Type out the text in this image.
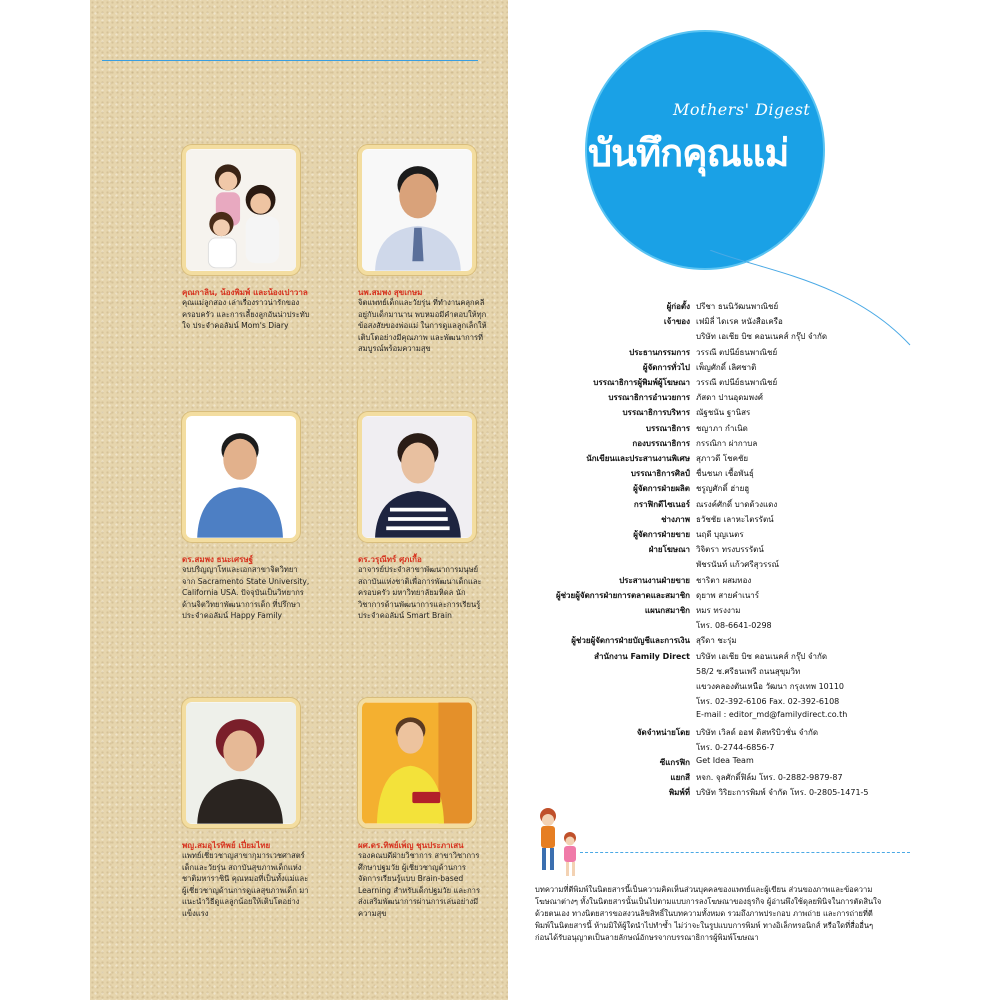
คุณกาลิน, น้องพิมพ์ และน้องเปาวาล
คุณแม่ลูกสอง เล่าเรื่องราวน่ารักของครอบครัว และการเลี้ยงลูกอันน่าประทับใจ ประจำคอลัมน์ Mom's Diary
นพ.สมพง สุขเกษม
จิตแพทย์เด็กและวัยรุ่น ที่ทำงานคลุกคลีอยู่กับเด็กมานาน พบหมอมีคำตอบให้ทุกข้อสงสัยของพ่อแม่ ในการดูแลลูกเล็กให้เติบโตอย่างมีคุณภาพ และพัฒนาการที่สมบูรณ์พร้อมความสุข
ดร.สมพง ธนะเศรษฐ์
จบปริญญาโทและเอกสาขาจิตวิทยา จาก Sacramento State University, California USA. ปัจจุบันเป็นวิทยากรด้านจิตวิทยาพัฒนาการเด็ก ที่ปรึกษาประจำคอลัมน์ Happy Family
ดร.วรุณีทร์ ศุภเกื้อ
อาจารย์ประจำสาขาพัฒนาการมนุษย์ สถาบันแห่งชาติเพื่อการพัฒนาเด็กและครอบครัว มหาวิทยาลัยมหิดล นักวิชาการด้านพัฒนาการและการเรียนรู้ ประจำคอลัมน์ Smart Brain
พญ.สมอุไรทิพย์ เปี่ยมไทย
แพทย์เชี่ยวชาญสาขากุมารเวชศาสตร์เด็กและวัยรุ่น สถาบันสุขภาพเด็กแห่งชาติมหาราชินี คุณหมอที่เป็นทั้งแม่และผู้เชี่ยวชาญด้านการดูแลสุขภาพเด็ก มาแนะนำวิธีดูแลลูกน้อยให้เติบโตอย่างแข็งแรง
ผศ.ดร.ทิพย์เพ็ญ ชุนประภาเสน
รองคณบดีฝ่ายวิชาการ สาขาวิชาการศึกษาปฐมวัย ผู้เชี่ยวชาญด้านการจัดการเรียนรู้แบบ Brain-based Learning สำหรับเด็กปฐมวัย และการส่งเสริมพัฒนาการผ่านการเล่นอย่างมีความสุข
Mothers' Digest
บันทึกคุณแม่
ผู้ก่อตั้ง ปรีชา ธนนิวัฒนพาณิชย์
เจ้าของ เฟมิลี่ ไดเรค หนังสือเครือ
บริษัท เอเชีย บิซ คอนเนคส์ กรุ๊ป จำกัด
ประธานกรรมการ วรรณี ตปนีย์ธนพาณิชย์
ผู้จัดการทั่วไป เพ็ญศักดิ์ เลิศชาติ
บรรณาธิการผู้พิมพ์ผู้โฆษณา วรรณี ตปนีย์ธนพาณิชย์
บรรณาธิการอำนวยการ ภัสดา ปานอุดมพงศ์
บรรณาธิการบริหาร ณัฐชนัน ฐานิสร
บรรณาธิการ ชญาภา กำเนิด
กองบรรณาธิการ กรรณิกา ผ่ากาบล
นักเขียนและประสานงานพิเศษ สุภาวดี โชคชัย
บรรณาธิการศิลป์ ชื่นชนก เชื้อพันธุ์
ผู้จัดการฝ่ายผลิต ชรูญศักดิ์ ฮ่ายฮู
กราฟิกดีไซเนอร์ ณรงค์ศักดิ์ บาดด้วงแดง
ช่างภาพ ธวัชชัย เลาหะไตรรัตน์
ผู้จัดการฝ่ายขาย นฤดี บุญเนตร
ฝ่ายโฆษณา วิจิตรา ทรงบรรรัตน์
พัชรนันท์ แก้วศรีสุวรรณ์
ประสานงานฝ่ายขาย ชาริตา ผสมทอง
ผู้ช่วยผู้จัดการฝ่ายการตลาดและสมาชิก ดุยาพ สายคำเนาร์
แผนกสมาชิก หมร ทรงงาม
โทร. 08-6641-0298
ผู้ช่วยผู้จัดการฝ่ายบัญชีและการเงิน สุรีดา ชะรุ่ม
สำนักงาน Family Direct บริษัท เอเชีย บิซ คอนเนคส์ กรุ๊ป จำกัด
58/2 ซ.ศรีธนเพรี ถนนสุขุมวิท
แขวงคลองตันเหนือ วัฒนา กรุงเทพ 10110
โทร. 02-392-6106 Fax. 02-392-6108
E-mail : editor_md@familydirect.co.th
จัดจำหน่ายโดย บริษัท เวิลด์ ออฟ ดิสทริบิวชั่น จำกัด
โทร. 0-2744-6856-7
ซีแกรฟิก Get Idea Team
แยกสี หจก. จุลศักดิ์ฟิล์ม โทร. 0-2882-9879-87
พิมพ์ที่ บริษัท วิริยะการพิมพ์ จำกัด โทร. 0-2805-1471-5
บทความที่ตีพิมพ์ในนิตยสารนี้เป็นความคิดเห็นส่วนบุคคลของแพทย์และผู้เขียน ส่วนของภาพและข้อความโฆษณาต่างๆ ทั้งในนิตยสารนั้นเป็นไปตามแบบการลงโฆษณาของธุรกิจ ผู้อ่านพึงใช้ดุลยพินิจในการตัดสินใจด้วยตนเอง ทางนิตยสารขอสงวนลิขสิทธิ์ในบทความทั้งหมด รวมถึงภาพประกอบ ภาพถ่าย และการถ่ายที่ตีพิมพ์ในนิตยสารนี้ ห้ามมิให้ผู้ใดนำไปทำซ้ำ ไม่ว่าจะในรูปแบบการพิมพ์ ทางอิเล็กทรอนิกส์ หรือใดที่สื่ออื่นๆ ก่อนได้รับอนุญาตเป็นลายลักษณ์อักษรจากบรรณาธิการผู้พิมพ์โฆษณา
